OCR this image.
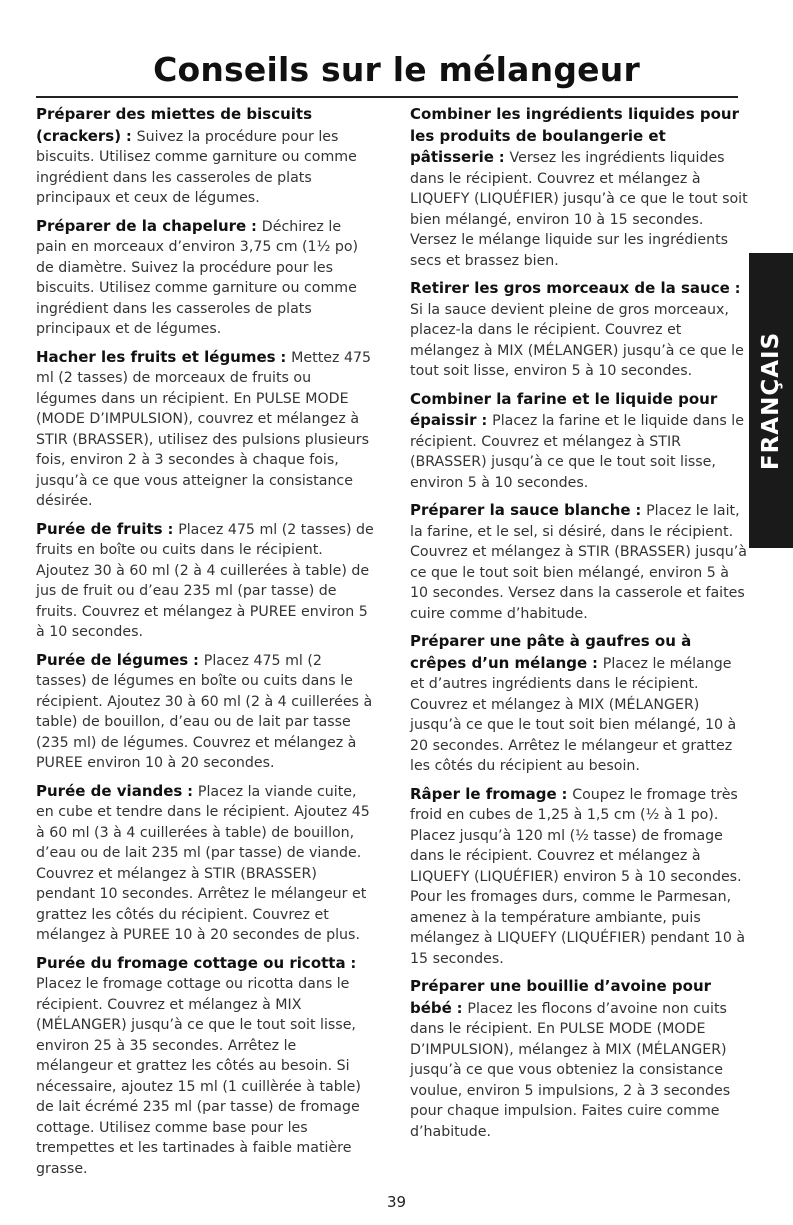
Conseils sur le mélangeur

Préparer des miettes de biscuits (crackers) : Suivez la procédure pour les biscuits. Utilisez comme garniture ou comme ingrédient dans les casseroles de plats principaux et ceux de légumes.

Préparer de la chapelure : Déchirez le pain en morceaux d’environ 3,75 cm (1½ po) de diamètre. Suivez la procédure pour les biscuits. Utilisez comme garniture ou comme ingrédient dans les casseroles de plats principaux et de légumes.

Hacher les fruits et légumes : Mettez 475 ml (2 tasses) de morceaux de fruits ou légumes dans un récipient. En PULSE MODE (MODE D’IMPULSION), couvrez et mélangez à STIR (BRASSER), utilisez des pulsions plusieurs fois, environ 2 à 3 secondes à chaque fois, jusqu’à ce que vous atteigner la consistance désirée.

Purée de fruits : Placez 475 ml (2 tasses) de fruits en boîte ou cuits dans le récipient. Ajoutez 30 à 60 ml (2 à 4 cuillerées à table) de jus de fruit ou d’eau 235 ml (par tasse) de fruits. Couvrez et mélangez à PUREE environ 5 à 10 secondes.

Purée de légumes : Placez 475 ml (2 tasses) de légumes en boîte ou cuits dans le récipient. Ajoutez 30 à 60 ml (2 à 4 cuillerées à table) de bouillon, d’eau ou de lait par tasse (235 ml) de légumes. Couvrez et mélangez à PUREE environ 10 à 20 secondes.

Purée de viandes : Placez la viande cuite, en cube et tendre dans le récipient. Ajoutez 45 à 60 ml (3 à 4 cuillerées à table) de bouillon, d’eau ou de lait 235 ml (par tasse) de viande. Couvrez et mélangez à STIR (BRASSER) pendant 10 secondes. Arrêtez le mélangeur et grattez les côtés du récipient. Couvrez et mélangez à PUREE 10 à 20 secondes de plus.

Purée du fromage cottage ou ricotta : Placez le fromage cottage ou ricotta dans le récipient. Couvrez et mélangez à MIX (MÉLANGER) jusqu’à ce que le tout soit lisse, environ 25 à 35 secondes. Arrêtez le mélangeur et grattez les côtés au besoin. Si nécessaire, ajoutez 15 ml (1 cuillèrée à table) de lait écrémé 235 ml (par tasse) de fromage cottage. Utilisez comme base pour les trempettes et les tartinades à faible matière grasse.

Combiner les ingrédients liquides pour les produits de boulangerie et pâtisserie : Versez les ingrédients liquides dans le récipient. Couvrez et mélangez à LIQUEFY (LIQUÉFIER) jusqu’à ce que le tout soit bien mélangé, environ 10 à 15 secondes. Versez le mélange liquide sur les ingrédients secs et brassez bien.

Retirer les gros morceaux de la sauce : Si la sauce devient pleine de gros morceaux, placez-la dans le récipient. Couvrez et mélangez à MIX (MÉLANGER) jusqu’à ce que le tout soit lisse, environ 5 à 10 secondes.

Combiner la farine et le liquide pour épaissir : Placez la farine et le liquide dans le récipient. Couvrez et mélangez à STIR (BRASSER) jusqu’à ce que le tout soit lisse, environ 5 à 10 secondes.

Préparer la sauce blanche : Placez le lait, la farine, et le sel, si désiré, dans le récipient. Couvrez et mélangez à STIR (BRASSER) jusqu’à ce que le tout soit bien mélangé, environ 5 à 10 secondes. Versez dans la casserole et faites cuire comme d’habitude.

Préparer une pâte à gaufres ou à crêpes d’un mélange : Placez le mélange et d’autres ingrédients dans le récipient. Couvrez et mélangez à MIX (MÉLANGER) jusqu’à ce que le tout soit bien mélangé, 10 à 20 secondes. Arrêtez le mélangeur et grattez les côtés du récipient au besoin.

Râper le fromage : Coupez le fromage très froid en cubes de 1,25 à 1,5 cm (½ à 1 po). Placez jusqu’à 120 ml (½ tasse) de fromage dans le récipient. Couvrez et mélangez à LIQUEFY (LIQUÉFIER) environ 5 à 10 secondes. Pour les fromages durs, comme le Parmesan, amenez à la température ambiante, puis mélangez à LIQUEFY (LIQUÉFIER) pendant 10 à 15 secondes.

Préparer une bouillie d’avoine pour bébé : Placez les flocons d’avoine non cuits dans le récipient. En PULSE MODE (MODE D’IMPULSION), mélangez à MIX (MÉLANGER) jusqu’à ce que vous obteniez la consistance voulue, environ 5 impulsions, 2 à 3 secondes pour chaque impulsion. Faites cuire comme d’habitude.

FRANÇAIS
39
